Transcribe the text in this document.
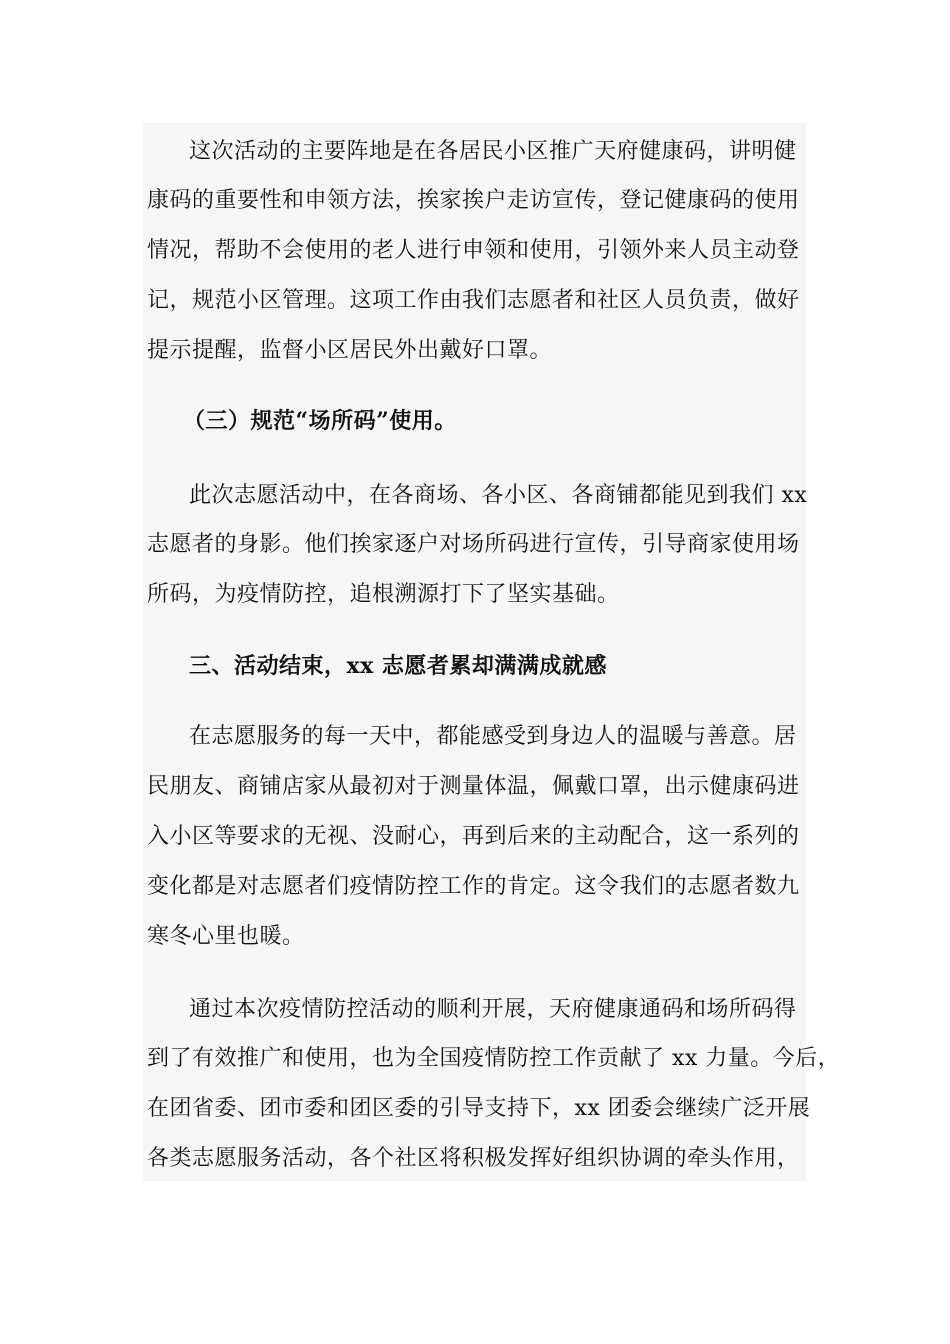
这次活动的主要阵地是在各居民小区推广天府健康码，讲明健
康码的重要性和申领方法，挨家挨户走访宣传，登记健康码的使用
情况，帮助不会使用的老人进行申领和使用，引领外来人员主动登
记，规范小区管理。这项工作由我们志愿者和社区人员负责，做好
提示提醒，监督小区居民外出戴好口罩。
（三）规范“场所码”使用。
此次志愿活动中，在各商场、各小区、各商铺都能见到我们 xx
志愿者的身影。他们挨家逐户对场所码进行宣传，引导商家使用场
所码，为疫情防控，追根溯源打下了坚实基础。
三、活动结束，xx 志愿者累却满满成就感
在志愿服务的每一天中，都能感受到身边人的温暖与善意。居
民朋友、商铺店家从最初对于测量体温，佩戴口罩，出示健康码进
入小区等要求的无视、没耐心，再到后来的主动配合，这一系列的
变化都是对志愿者们疫情防控工作的肯定。这令我们的志愿者数九
寒冬心里也暖。
通过本次疫情防控活动的顺利开展，天府健康通码和场所码得
到了有效推广和使用，也为全国疫情防控工作贡献了 xx 力量。今后，
在团省委、团市委和团区委的引导支持下，xx 团委会继续广泛开展
各类志愿服务活动，各个社区将积极发挥好组织协调的牵头作用，
